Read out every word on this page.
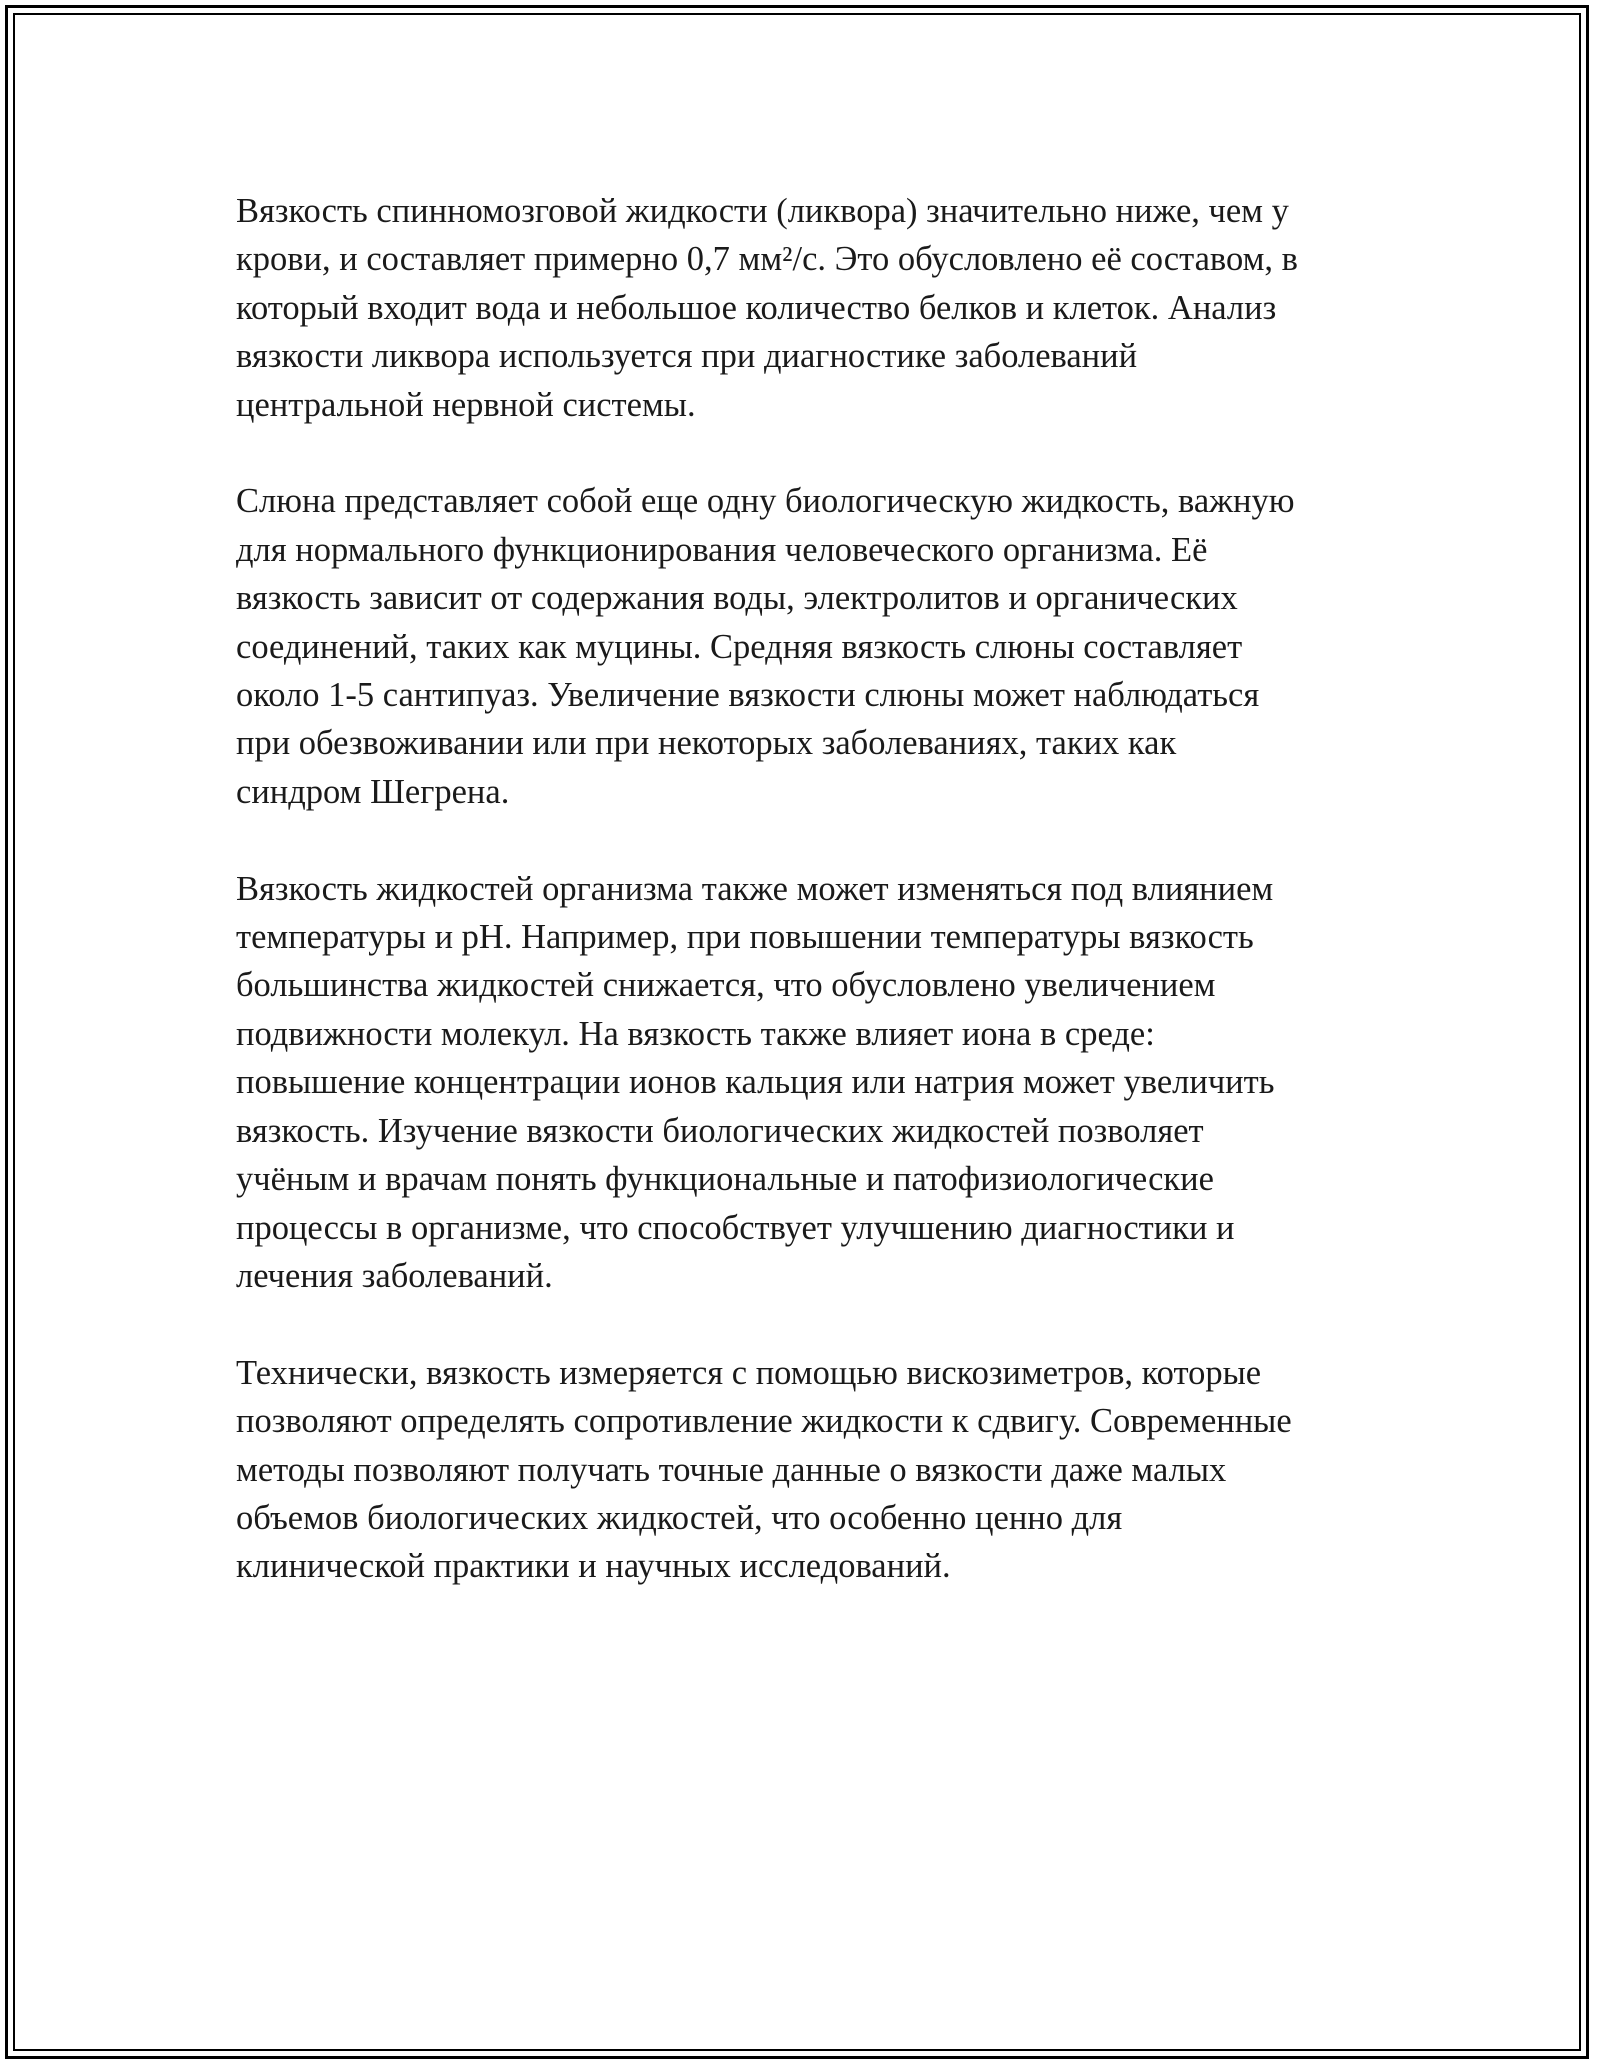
Вязкость спинномозговой жидкости (ликвора) значительно ниже, чем у
крови, и составляет примерно 0,7 мм²/с. Это обусловлено её составом, в
который входит вода и небольшое количество белков и клеток. Анализ
вязкости ликвора используется при диагностике заболеваний
центральной нервной системы.

Слюна представляет собой еще одну биологическую жидкость, важную
для нормального функционирования человеческого организма. Её
вязкость зависит от содержания воды, электролитов и органических
соединений, таких как муцины. Средняя вязкость слюны составляет
около 1-5 сантипуаз. Увеличение вязкости слюны может наблюдаться
при обезвоживании или при некоторых заболеваниях, таких как
синдром Шегрена.

Вязкость жидкостей организма также может изменяться под влиянием
температуры и pH. Например, при повышении температуры вязкость
большинства жидкостей снижается, что обусловлено увеличением
подвижности молекул. На вязкость также влияет иона в среде:
повышение концентрации ионов кальция или натрия может увеличить
вязкость. Изучение вязкости биологических жидкостей позволяет
учёным и врачам понять функциональные и патофизиологические
процессы в организме, что способствует улучшению диагностики и
лечения заболеваний.

Технически, вязкость измеряется с помощью вискозиметров, которые
позволяют определять сопротивление жидкости к сдвигу. Современные
методы позволяют получать точные данные о вязкости даже малых
объемов биологических жидкостей, что особенно ценно для
клинической практики и научных исследований.
